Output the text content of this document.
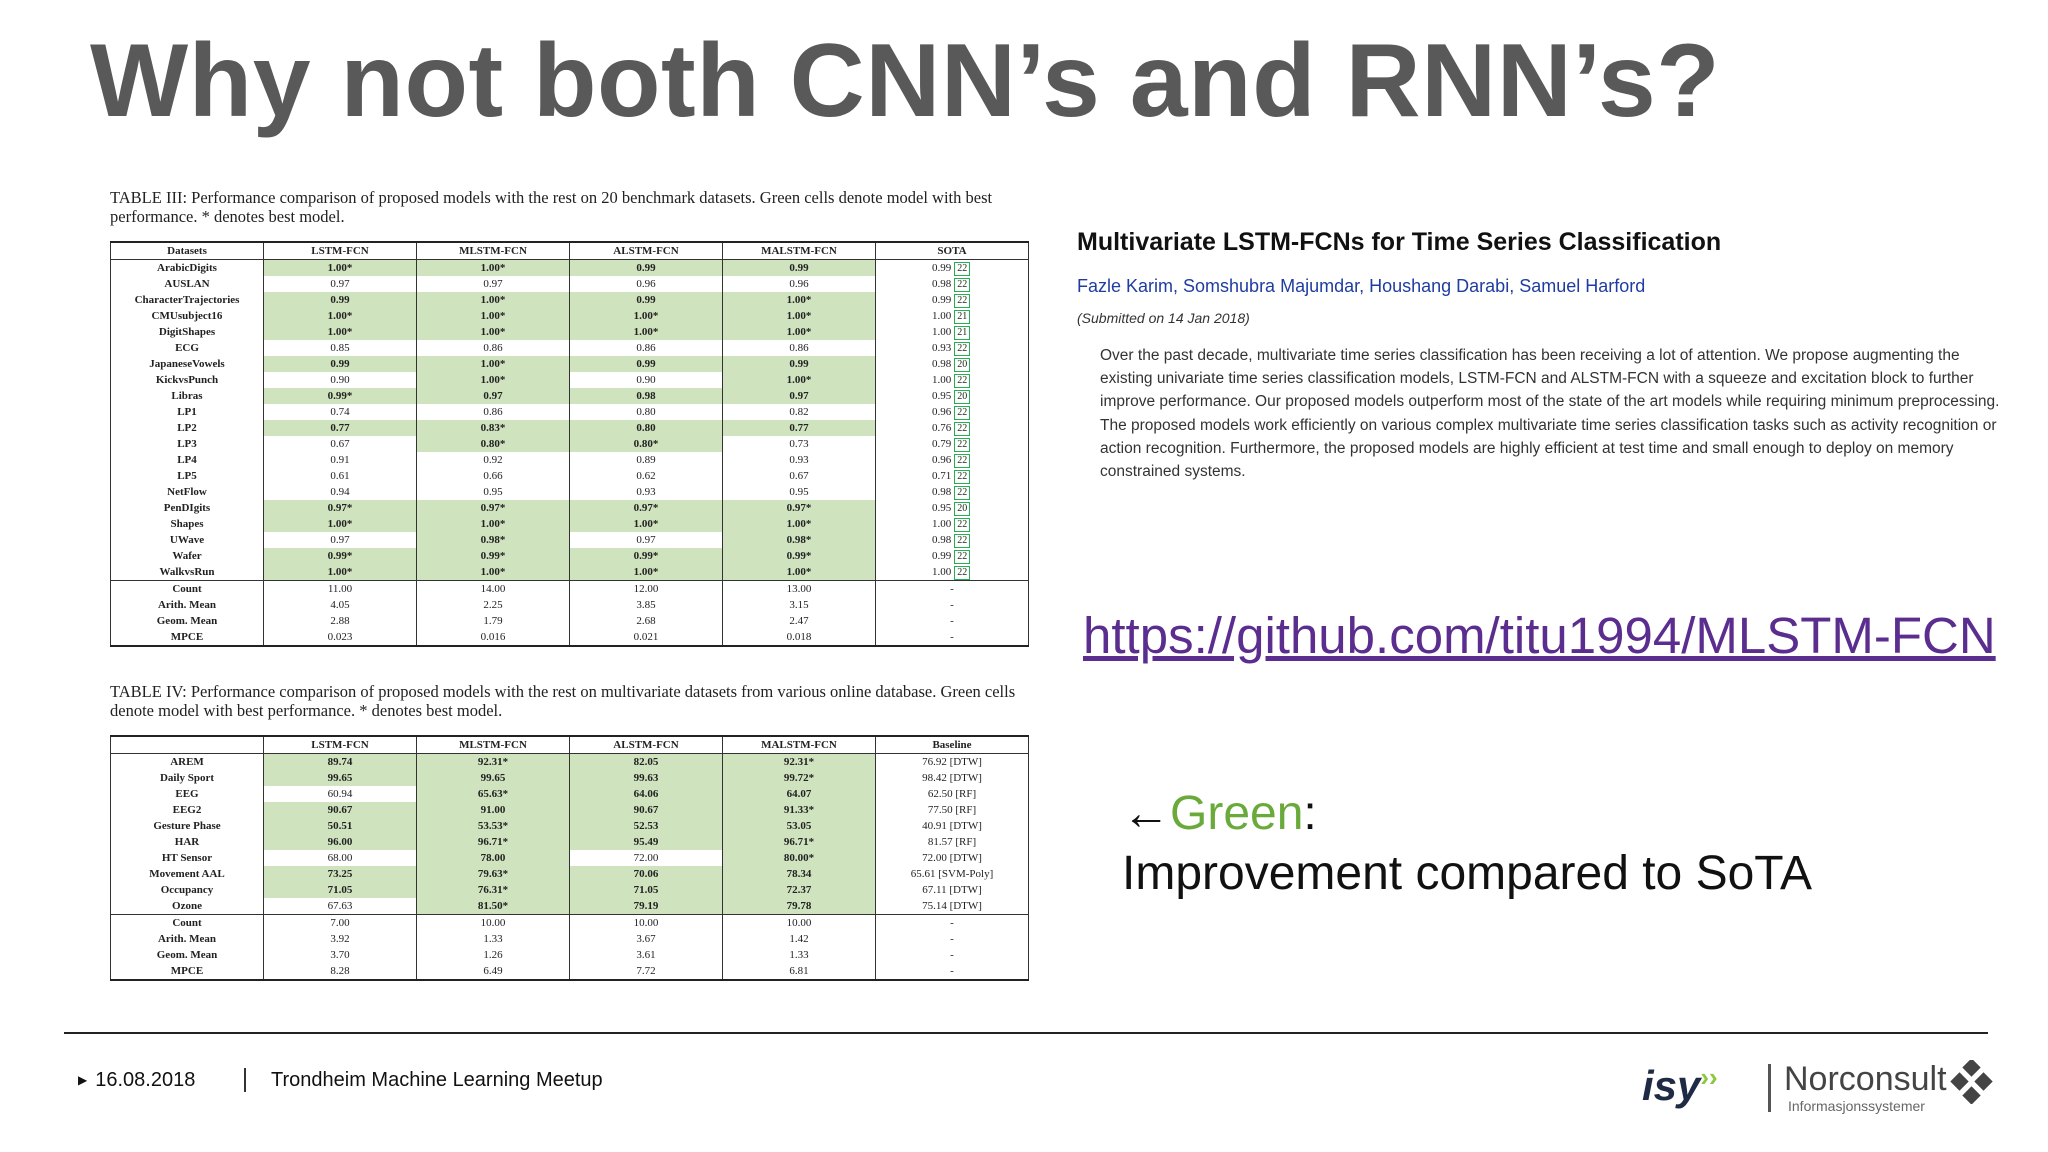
Why not both CNN’s and RNN’s?
TABLE III: Performance comparison of proposed models with the rest on 20 benchmark datasets. Green cells denote model with best performance. * denotes best model.
Datasets	LSTM-FCN	MLSTM-FCN	ALSTM-FCN	MALSTM-FCN	SOTA
ArabicDigits	1.00*	1.00*	0.99	0.99	0.99 22
AUSLAN	0.97	0.97	0.96	0.96	0.98 22
CharacterTrajectories	0.99	1.00*	0.99	1.00*	0.99 22
CMUsubject16	1.00*	1.00*	1.00*	1.00*	1.00 21
DigitShapes	1.00*	1.00*	1.00*	1.00*	1.00 21
ECG	0.85	0.86	0.86	0.86	0.93 22
JapaneseVowels	0.99	1.00*	0.99	0.99	0.98 20
KickvsPunch	0.90	1.00*	0.90	1.00*	1.00 22
Libras	0.99*	0.97	0.98	0.97	0.95 20
LP1	0.74	0.86	0.80	0.82	0.96 22
LP2	0.77	0.83*	0.80	0.77	0.76 22
LP3	0.67	0.80*	0.80*	0.73	0.79 22
LP4	0.91	0.92	0.89	0.93	0.96 22
LP5	0.61	0.66	0.62	0.67	0.71 22
NetFlow	0.94	0.95	0.93	0.95	0.98 22
PenDIgits	0.97*	0.97*	0.97*	0.97*	0.95 20
Shapes	1.00*	1.00*	1.00*	1.00*	1.00 22
UWave	0.97	0.98*	0.97	0.98*	0.98 22
Wafer	0.99*	0.99*	0.99*	0.99*	0.99 22
WalkvsRun	1.00*	1.00*	1.00*	1.00*	1.00 22
Count	11.00	14.00	12.00	13.00	-
Arith. Mean	4.05	2.25	3.85	3.15	-
Geom. Mean	2.88	1.79	2.68	2.47	-
MPCE	0.023	0.016	0.021	0.018	-
TABLE IV: Performance comparison of proposed models with the rest on multivariate datasets from various online database. Green cells denote model with best performance. * denotes best model.
	LSTM-FCN	MLSTM-FCN	ALSTM-FCN	MALSTM-FCN	Baseline
AREM	89.74	92.31*	82.05	92.31*	76.92 [DTW]
Daily Sport	99.65	99.65	99.63	99.72*	98.42 [DTW]
EEG	60.94	65.63*	64.06	64.07	62.50 [RF]
EEG2	90.67	91.00	90.67	91.33*	77.50 [RF]
Gesture Phase	50.51	53.53*	52.53	53.05	40.91 [DTW]
HAR	96.00	96.71*	95.49	96.71*	81.57 [RF]
HT Sensor	68.00	78.00	72.00	80.00*	72.00 [DTW]
Movement AAL	73.25	79.63*	70.06	78.34	65.61 [SVM-Poly]
Occupancy	71.05	76.31*	71.05	72.37	67.11 [DTW]
Ozone	67.63	81.50*	79.19	79.78	75.14 [DTW]
Count	7.00	10.00	10.00	10.00	-
Arith. Mean	3.92	1.33	3.67	1.42	-
Geom. Mean	3.70	1.26	3.61	1.33	-
MPCE	8.28	6.49	7.72	6.81	-
Multivariate LSTM-FCNs for Time Series Classification
Fazle Karim, Somshubra Majumdar, Houshang Darabi, Samuel Harford
(Submitted on 14 Jan 2018)
Over the past decade, multivariate time series classification has been receiving a lot of attention. We propose augmenting the existing univariate time series classification models, LSTM-FCN and ALSTM-FCN with a squeeze and excitation block to further improve performance. Our proposed models outperform most of the state of the art models while requiring minimum preprocessing. The proposed models work efficiently on various complex multivariate time series classification tasks such as activity recognition or action recognition. Furthermore, the proposed models are highly efficient at test time and small enough to deploy on memory constrained systems.
https://github.com/titu1994/MLSTM-FCN
←Green:
Improvement compared to SoTA
▶ 16.08.2018	Trondheim Machine Learning Meetup	isy›› Norconsult
Informasjonssystemer
